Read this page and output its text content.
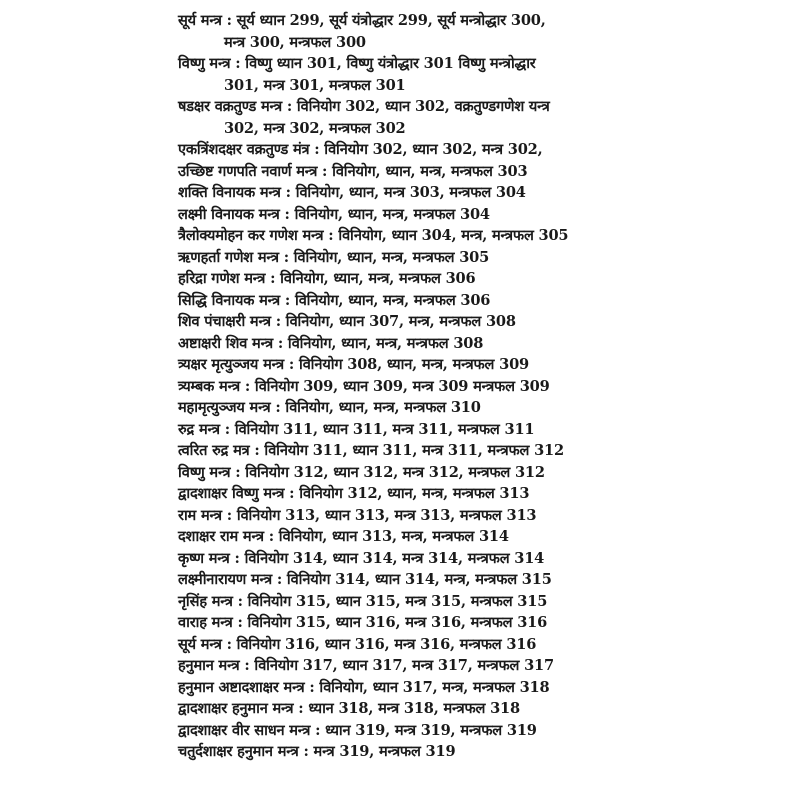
सूर्य मन्त्र : सूर्य ध्यान 299, सूर्य यंत्रोद्धार 299, सूर्य मन्त्रोद्धार 300,
मन्त्र 300, मन्त्रफल 300
विष्णु मन्त्र : विष्णु ध्यान 301, विष्णु यंत्रोद्धार 301 विष्णु मन्त्रोद्धार
301, मन्त्र 301, मन्त्रफल 301
षडक्षर वक्रतुण्ड मन्त्र : विनियोग 302, ध्यान 302, वक्रतुण्डगणेश यन्त्र
302, मन्त्र 302, मन्त्रफल 302
एकत्रिंशदक्षर वक्रतुण्ड मंत्र : विनियोग 302, ध्यान 302, मन्त्र 302,
उच्छिष्ट गणपति नवार्ण मन्त्र : विनियोग, ध्यान, मन्त्र, मन्त्रफल 303
शक्ति विनायक मन्त्र : विनियोग, ध्यान, मन्त्र 303, मन्त्रफल 304
लक्ष्मी विनायक मन्त्र : विनियोग, ध्यान, मन्त्र, मन्त्रफल 304
त्रैलोक्यमोहन कर गणेश मन्त्र : विनियोग, ध्यान 304, मन्त्र, मन्त्रफल 305
ऋणहर्ता गणेश मन्त्र : विनियोग, ध्यान, मन्त्र, मन्त्रफल 305
हरिद्रा गणेश मन्त्र : विनियोग, ध्यान, मन्त्र, मन्त्रफल 306
सिद्धि विनायक मन्त्र : विनियोग, ध्यान, मन्त्र, मन्त्रफल 306
शिव पंचाक्षरी मन्त्र : विनियोग, ध्यान 307, मन्त्र, मन्त्रफल 308
अष्टाक्षरी शिव मन्त्र : विनियोग, ध्यान, मन्त्र, मन्त्रफल 308
त्र्यक्षर मृत्युञ्जय मन्त्र : विनियोग 308, ध्यान, मन्त्र, मन्त्रफल 309
त्र्यम्बक मन्त्र : विनियोग 309, ध्यान 309, मन्त्र 309 मन्त्रफल 309
महामृत्युञ्जय मन्त्र : विनियोग, ध्यान, मन्त्र, मन्त्रफल 310
रुद्र मन्त्र : विनियोग 311, ध्यान 311, मन्त्र 311, मन्त्रफल 311
त्वरित रुद्र मत्र : विनियोग 311, ध्यान 311, मन्त्र 311, मन्त्रफल 312
विष्णु मन्त्र : विनियोग 312, ध्यान 312, मन्त्र 312, मन्त्रफल 312
द्वादशाक्षर विष्णु मन्त्र : विनियोग 312, ध्यान, मन्त्र, मन्त्रफल 313
राम मन्त्र : विनियोग 313, ध्यान 313, मन्त्र 313, मन्त्रफल 313
दशाक्षर राम मन्त्र : विनियोग, ध्यान 313, मन्त्र, मन्त्रफल 314
कृष्ण मन्त्र : विनियोग 314, ध्यान 314, मन्त्र 314, मन्त्रफल 314
लक्ष्मीनारायण मन्त्र : विनियोग 314, ध्यान 314, मन्त्र, मन्त्रफल 315
नृसिंह मन्त्र : विनियोग 315, ध्यान 315, मन्त्र 315, मन्त्रफल 315
वाराह मन्त्र : विनियोग 315, ध्यान 316, मन्त्र 316, मन्त्रफल 316
सूर्य मन्त्र : विनियोग 316, ध्यान 316, मन्त्र 316, मन्त्रफल 316
हनुमान मन्त्र : विनियोग 317, ध्यान 317, मन्त्र 317, मन्त्रफल 317
हनुमान अष्टादशाक्षर मन्त्र : विनियोग, ध्यान 317, मन्त्र, मन्त्रफल 318
द्वादशाक्षर हनुमान मन्त्र : ध्यान 318, मन्त्र 318, मन्त्रफल 318
द्वादशाक्षर वीर साधन मन्त्र : ध्यान 319, मन्त्र 319, मन्त्रफल 319
चतुर्दशाक्षर हनुमान मन्त्र : मन्त्र 319, मन्त्रफल 319
